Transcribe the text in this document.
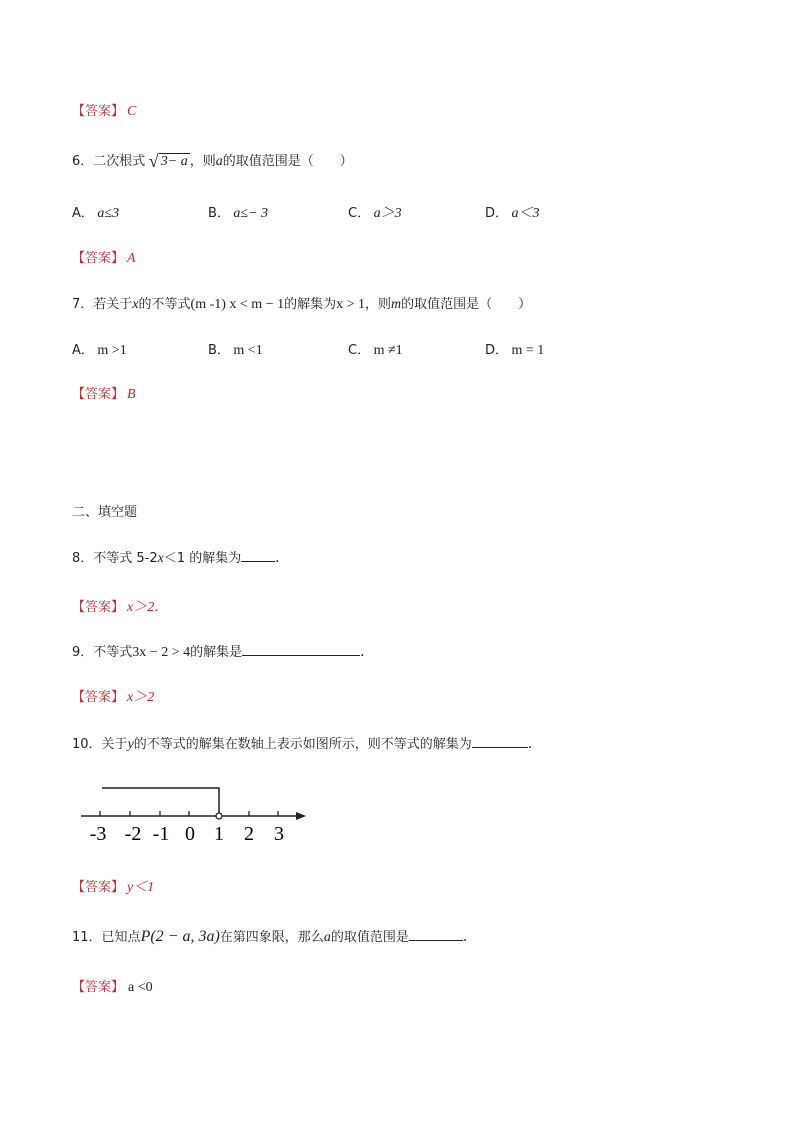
【答案】 C
6．二次根式 √ 3− a ，则a的取值范围是（　　）
A． a≤3	B． a≤− 3	C． a＞3	D． a＜3
【答案】 A
7．若关于x的不等式(m -1) x < m − 1的解集为x > 1，则m的取值范围是（　　）
A． m >1	B． m <1	C． m ≠1	D． m = 1
【答案】 B
二、填空题
8．不等式 5-2x＜1 的解集为 ．
【答案】 x＞2．
9．不等式3x − 2 > 4的解集是	．
【答案】 x＞2
10．关于y的不等式的解集在数轴上表示如图所示，则不等式的解集为	．
-3 -2 -1 0 1 2 3
【答案】 y＜1
11．已知点P(2 − a, 3a)在第四象限，那么a的取值范围是	．
【答案】 a <0
